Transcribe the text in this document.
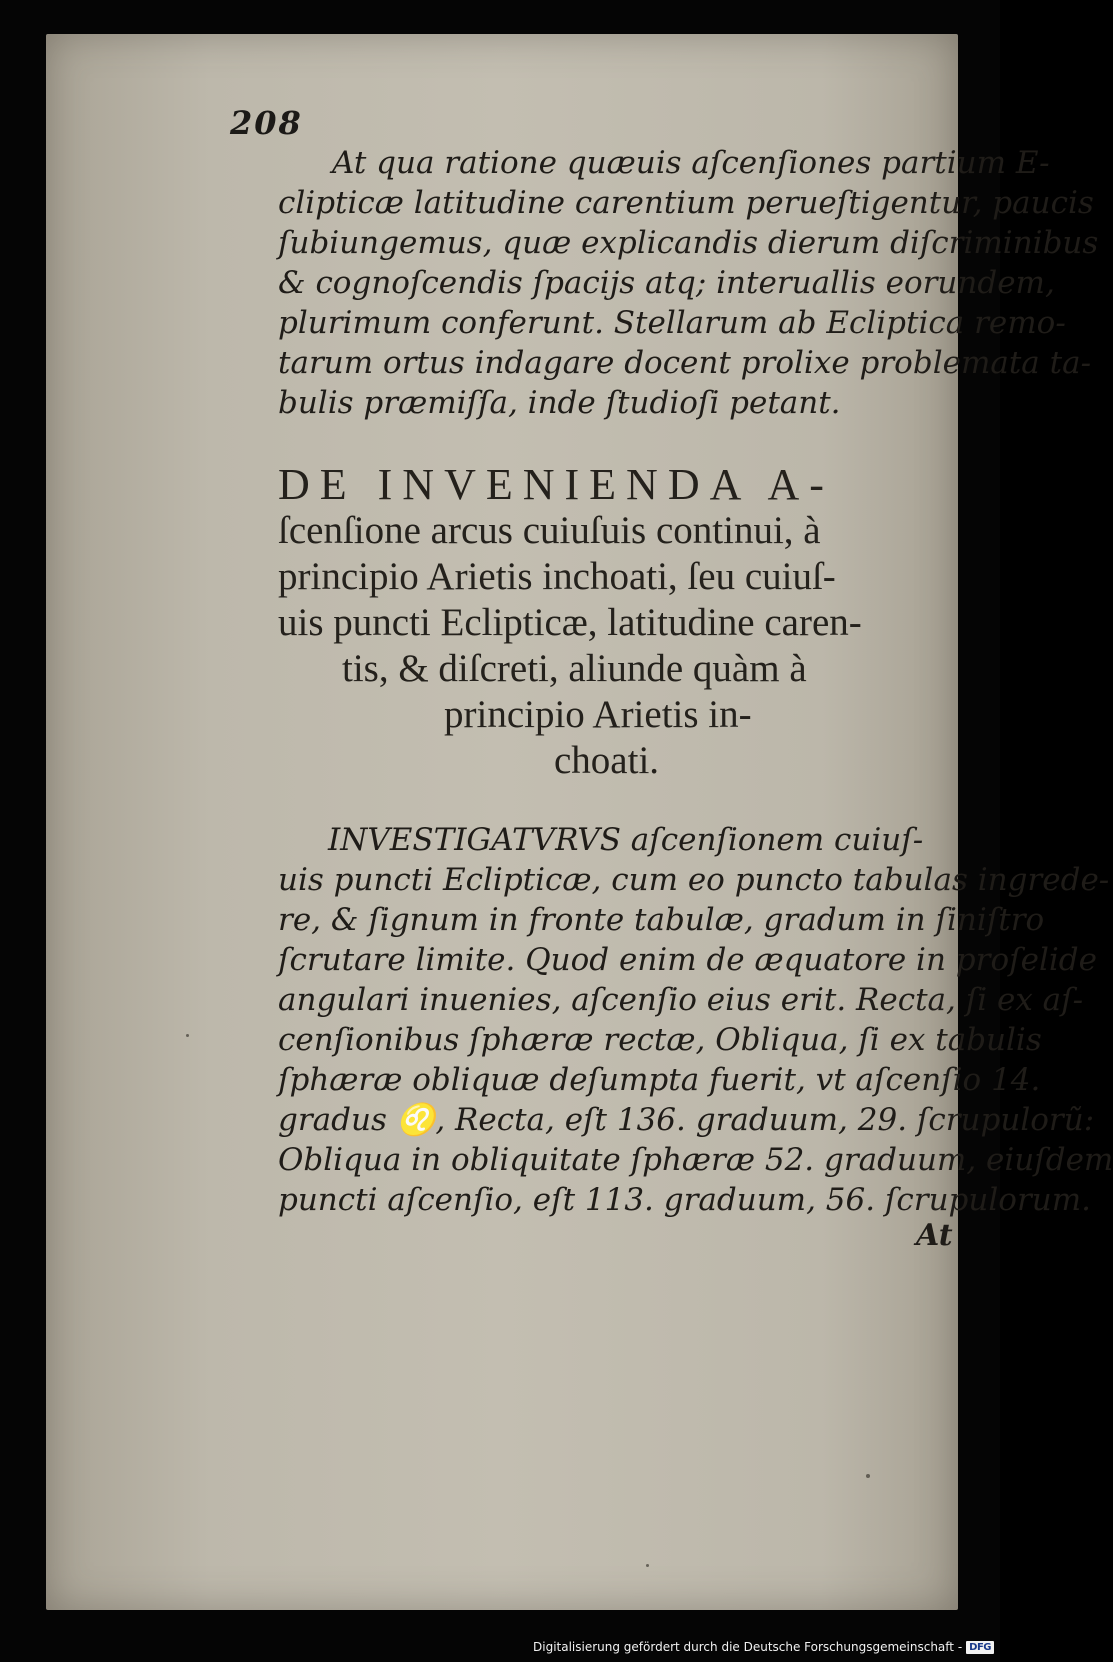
208
At qua ratione quæuis aſcenſiones partium E-
clipticæ latitudine carentium perueſtigentur, paucis
ſubiungemus, quæ explicandis dierum diſcriminibus
& cognoſcendis ſpacijs atq; interuallis eorundem,
plurimum conferunt. Stellarum ab Ecliptica remo-
tarum ortus indagare docent prolixe problemata ta-
bulis præmiſſa, inde ſtudioſi petant.
DE INVENIENDA A-
ſcenſione arcus cuiuſuis continui, à
principio Arietis inchoati, ſeu cuiuſ-
uis puncti Eclipticæ, latitudine caren-
tis, & diſcreti, aliunde quàm à
principio Arietis in-
choati.
INVESTIGATVRVS aſcenſionem cuiuſ-
uis puncti Eclipticæ, cum eo puncto tabulas ingrede-
re, & ſignum in fronte tabulæ, gradum in ſiniſtro
ſcrutare limite. Quod enim de æquatore in proſelide
angulari inuenies, aſcenſio eius erit. Recta, ſi ex aſ-
cenſionibus ſphæræ rectæ, Obliqua, ſi ex tabulis
ſphæræ obliquæ deſumpta fuerit, vt aſcenſio 14.
gradus ♌, Recta, eſt 136. graduum, 29. ſcrupulorũ:
Obliqua in obliquitate ſphæræ 52. graduum, eiuſdem
puncti aſcenſio, eſt 113. graduum, 56. ſcrupulorum.
At
Digitalisierung gefördert durch die Deutsche Forschungsgemeinschaft - DFG
